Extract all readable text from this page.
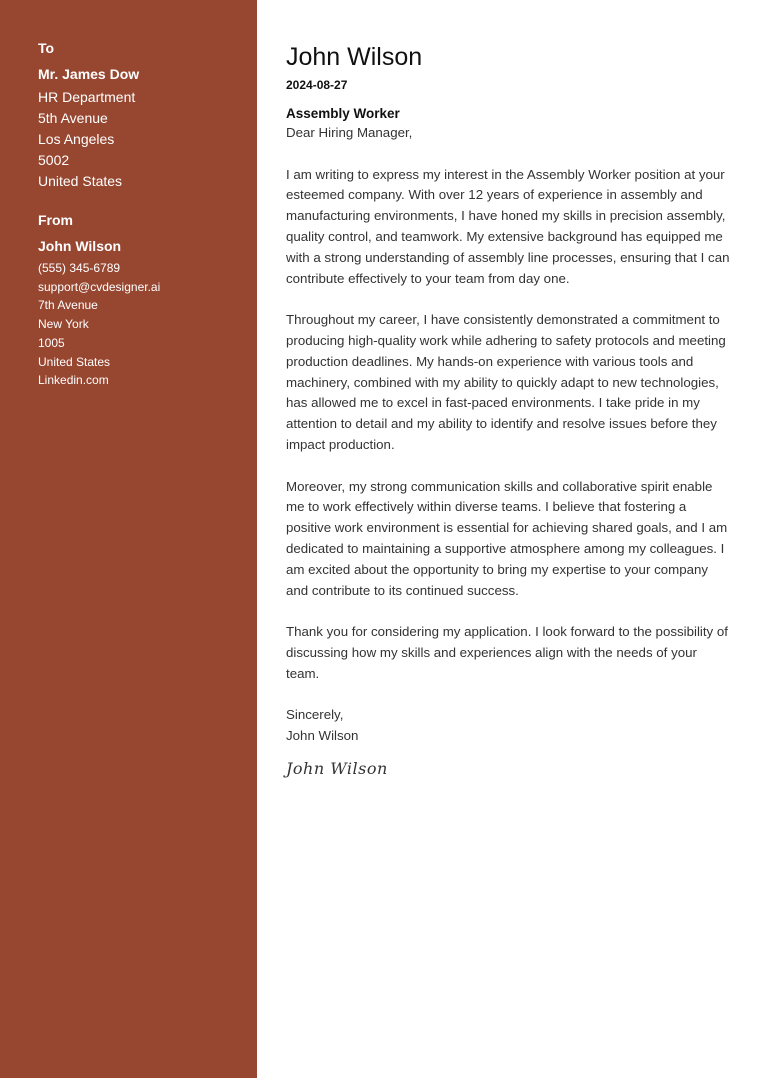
To
Mr. James Dow
HR Department
5th Avenue
Los Angeles
5002
United States
From
John Wilson
(555) 345-6789
support@cvdesigner.ai
7th Avenue
New York
1005
United States
Linkedin.com
John Wilson
2024-08-27
Assembly Worker

Dear Hiring Manager,

I am writing to express my interest in the Assembly Worker position at your esteemed company. With over 12 years of experience in assembly and manufacturing environments, I have honed my skills in precision assembly, quality control, and teamwork. My extensive background has equipped me with a strong understanding of assembly line processes, ensuring that I can contribute effectively to your team from day one.

Throughout my career, I have consistently demonstrated a commitment to producing high-quality work while adhering to safety protocols and meeting production deadlines. My hands-on experience with various tools and machinery, combined with my ability to quickly adapt to new technologies, has allowed me to excel in fast-paced environments. I take pride in my attention to detail and my ability to identify and resolve issues before they impact production.

Moreover, my strong communication skills and collaborative spirit enable me to work effectively within diverse teams. I believe that fostering a positive work environment is essential for achieving shared goals, and I am dedicated to maintaining a supportive atmosphere among my colleagues. I am excited about the opportunity to bring my expertise to your company and contribute to its continued success.

Thank you for considering my application. I look forward to the possibility of discussing how my skills and experiences align with the needs of your team.

Sincerely,
John Wilson
John Wilson
